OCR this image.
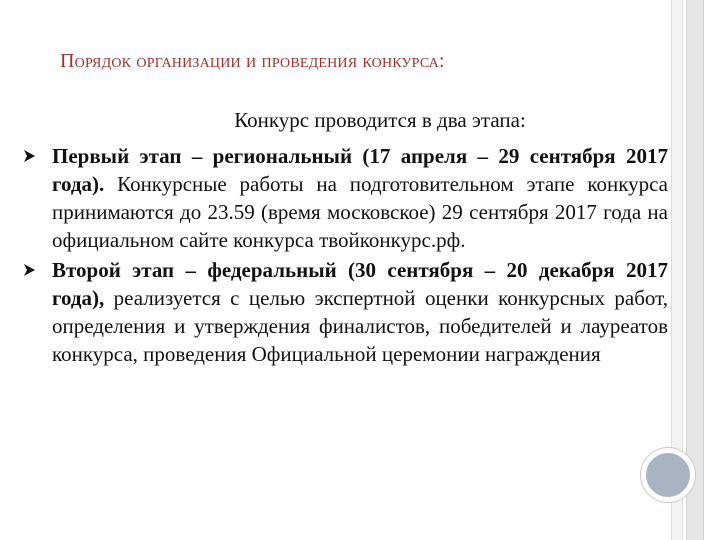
Порядок организации и проведения конкурса:
Конкурс проводится в два этапа:
Первый этап – региональный (17 апреля – 29 сентября 2017 года). Конкурсные работы на подготовительном этапе конкурса принимаются до 23.59 (время московское) 29 сентября 2017 года на официальном сайте конкурса твойконкурс.рф.
Второй этап – федеральный (30 сентября – 20 декабря 2017 года), реализуется с целью экспертной оценки конкурсных работ, определения и утверждения финалистов, победителей и лауреатов конкурса, проведения Официальной церемонии награждения
